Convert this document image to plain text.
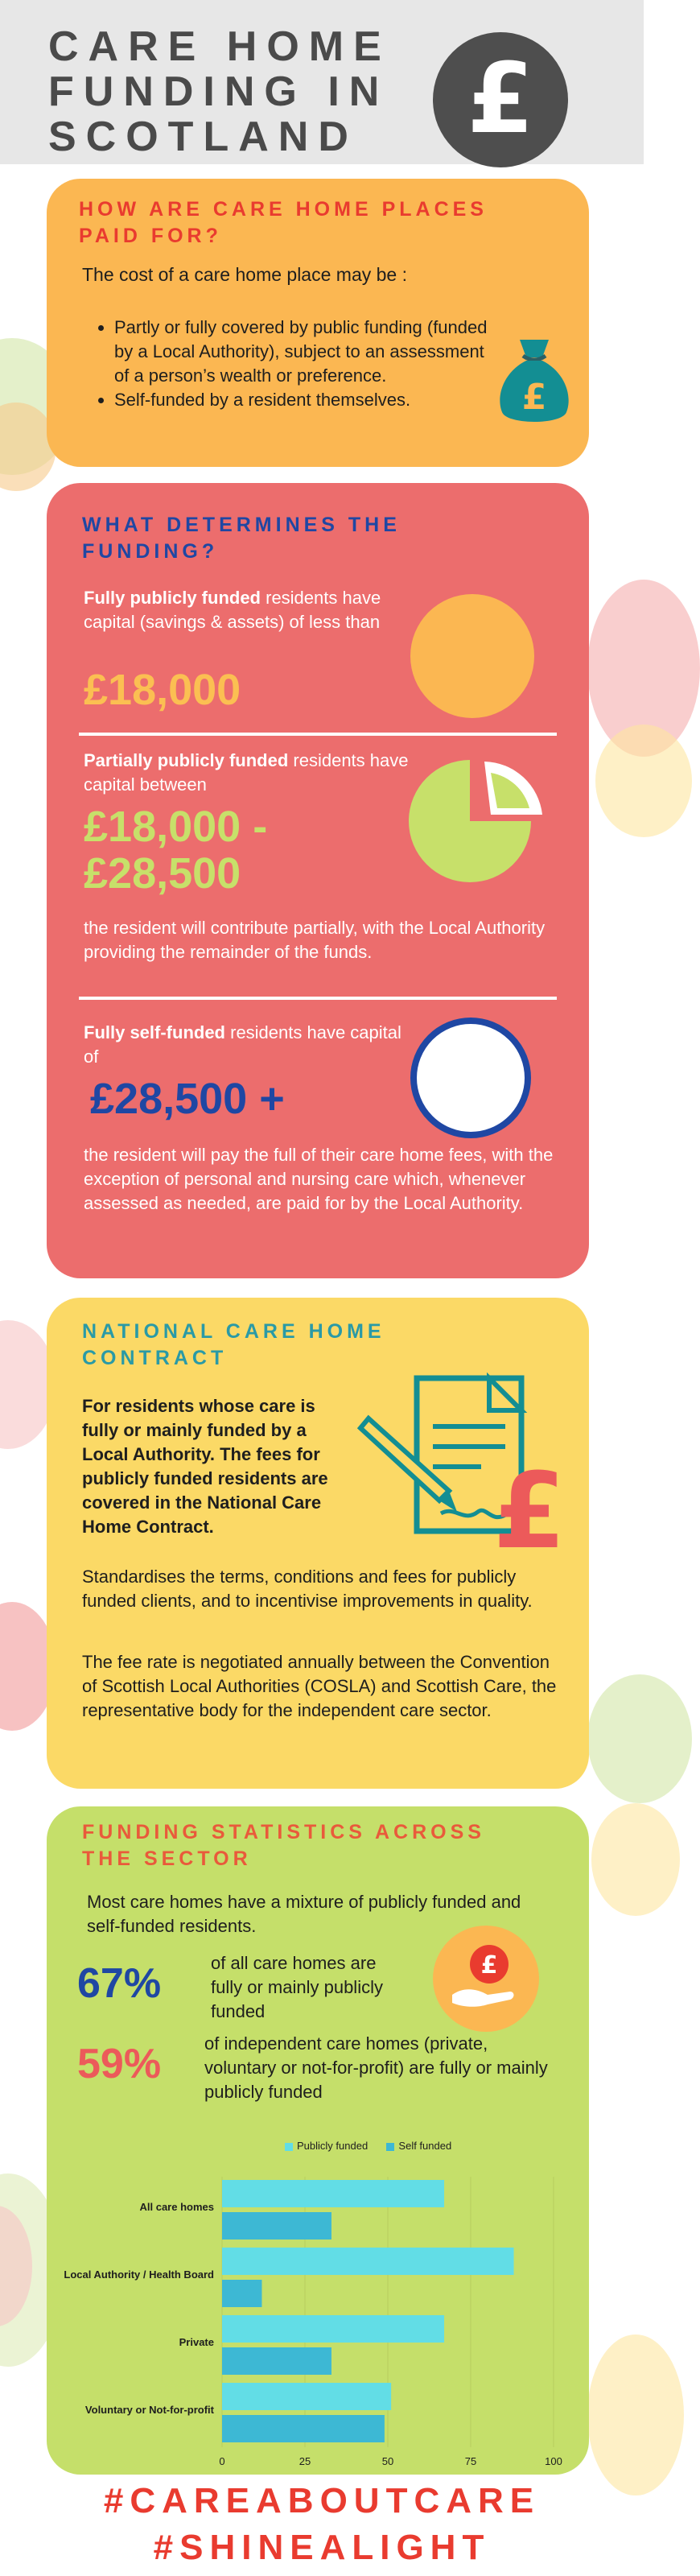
CARE HOME
FUNDING IN
SCOTLAND	£
HOW ARE CARE HOME PLACES PAID FOR?
The cost of a care home place may be :
• Partly or fully covered by public funding (funded by a Local Authority), subject to an assessment of a person’s wealth or preference.
• Self-funded by a resident themselves.	£
WHAT DETERMINES THE FUNDING?
Fully publicly funded residents have capital (savings & assets) of less than
£18,000
Partially publicly funded residents have capital between
£18,000 -
£28,500
the resident will contribute partially, with the Local Authority providing the remainder of the funds.
Fully self-funded residents have capital of
£28,500 +
the resident will pay the full of their care home fees, with the exception of personal and nursing care which, whenever assessed as needed, are paid for by the Local Authority.
NATIONAL CARE HOME CONTRACT
For residents whose care is fully or mainly funded by a Local Authority. The fees for publicly funded residents are covered in the National Care Home Contract.	£
Standardises the terms, conditions and fees for publicly funded clients, and to incentivise improvements in quality.
The fee rate is negotiated annually between the Convention of Scottish Local Authorities (COSLA) and Scottish Care, the representative body for the independent care sector.
FUNDING STATISTICS ACROSS THE SECTOR
Most care homes have a mixture of publicly funded and self-funded residents.
67%	of all care homes are fully or mainly publicly funded
£
59% of independent care homes (private, voluntary or not-for-profit) are fully or mainly publicly funded
Publicly funded	Self funded
0	25	50	75	100
All care homes
Local Authority / Health Board
Private
Voluntary or Not-for-profit
#CAREABOUTCARE
#SHINEALIGHT
